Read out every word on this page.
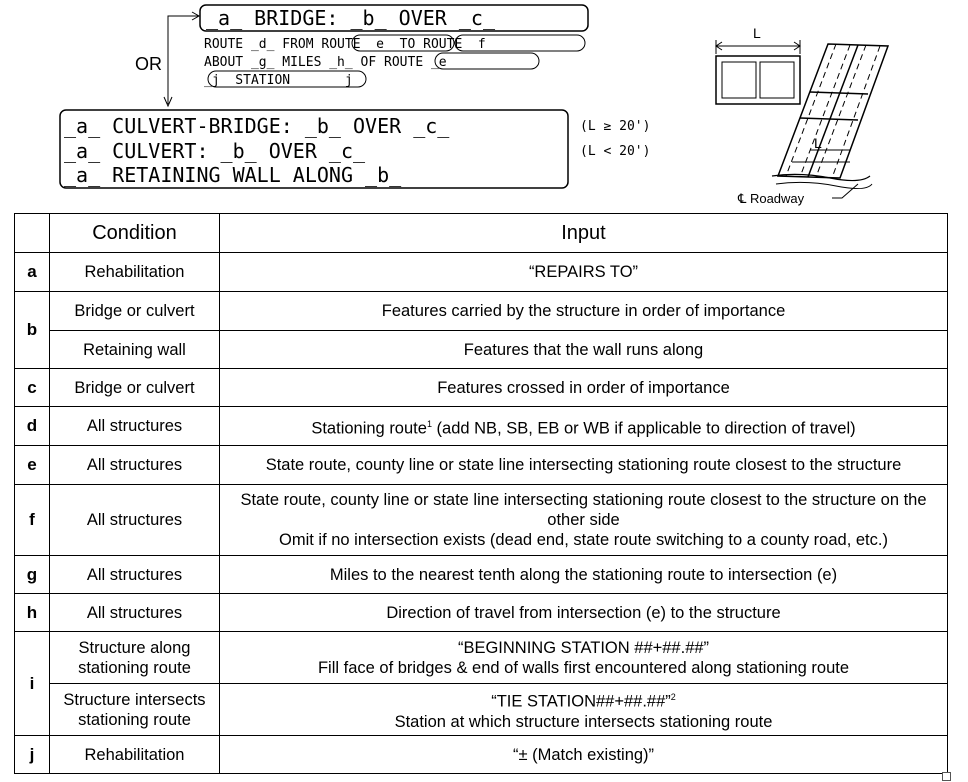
_a_ BRIDGE: _b_ OVER _c_
ROUTE _d_ FROM ROUTE _e_ TO ROUTE _f_
ABOUT _g_ MILES _h_ OF ROUTE _e_
_j_ STATION ____ _j_
OR
_a_ CULVERT-BRIDGE: _b_ OVER _c_
_a_ CULVERT: _b_ OVER _c_
_a_ RETAINING WALL ALONG _b_
(L ≥ 20')
(L < 20')
L
L
℄ Roadway
	Condition	Input
a	Rehabilitation	“REPAIRS TO”
b	Bridge or culvert	Features carried by the structure in order of importance
	Retaining wall	Features that the wall runs along
c	Bridge or culvert	Features crossed in order of importance
d	All structures	Stationing route$^1$ (add NB, SB, EB or WB if applicable to direction of travel)
e	All structures	State route, county line or state line intersecting stationing route closest to the structure
f	All structures	State route, county line or state line intersecting stationing route closest to the structure on the other side
Omit if no intersection exists (dead end, state route switching to a county road, etc.)

g	All structures	Miles to the nearest tenth along the stationing route to intersection (e)
h	All structures	Direction of travel from intersection (e) to the structure
i	Structure along stationing route	“BEGINNING STATION ##+##.##”
Fill face of bridges & end of walls first encountered along stationing route

	Structure intersects stationing route	“TIE STATION##+##.##”$^2$
Station at which structure intersects stationing route

j	Rehabilitation	“± (Match existing)”
